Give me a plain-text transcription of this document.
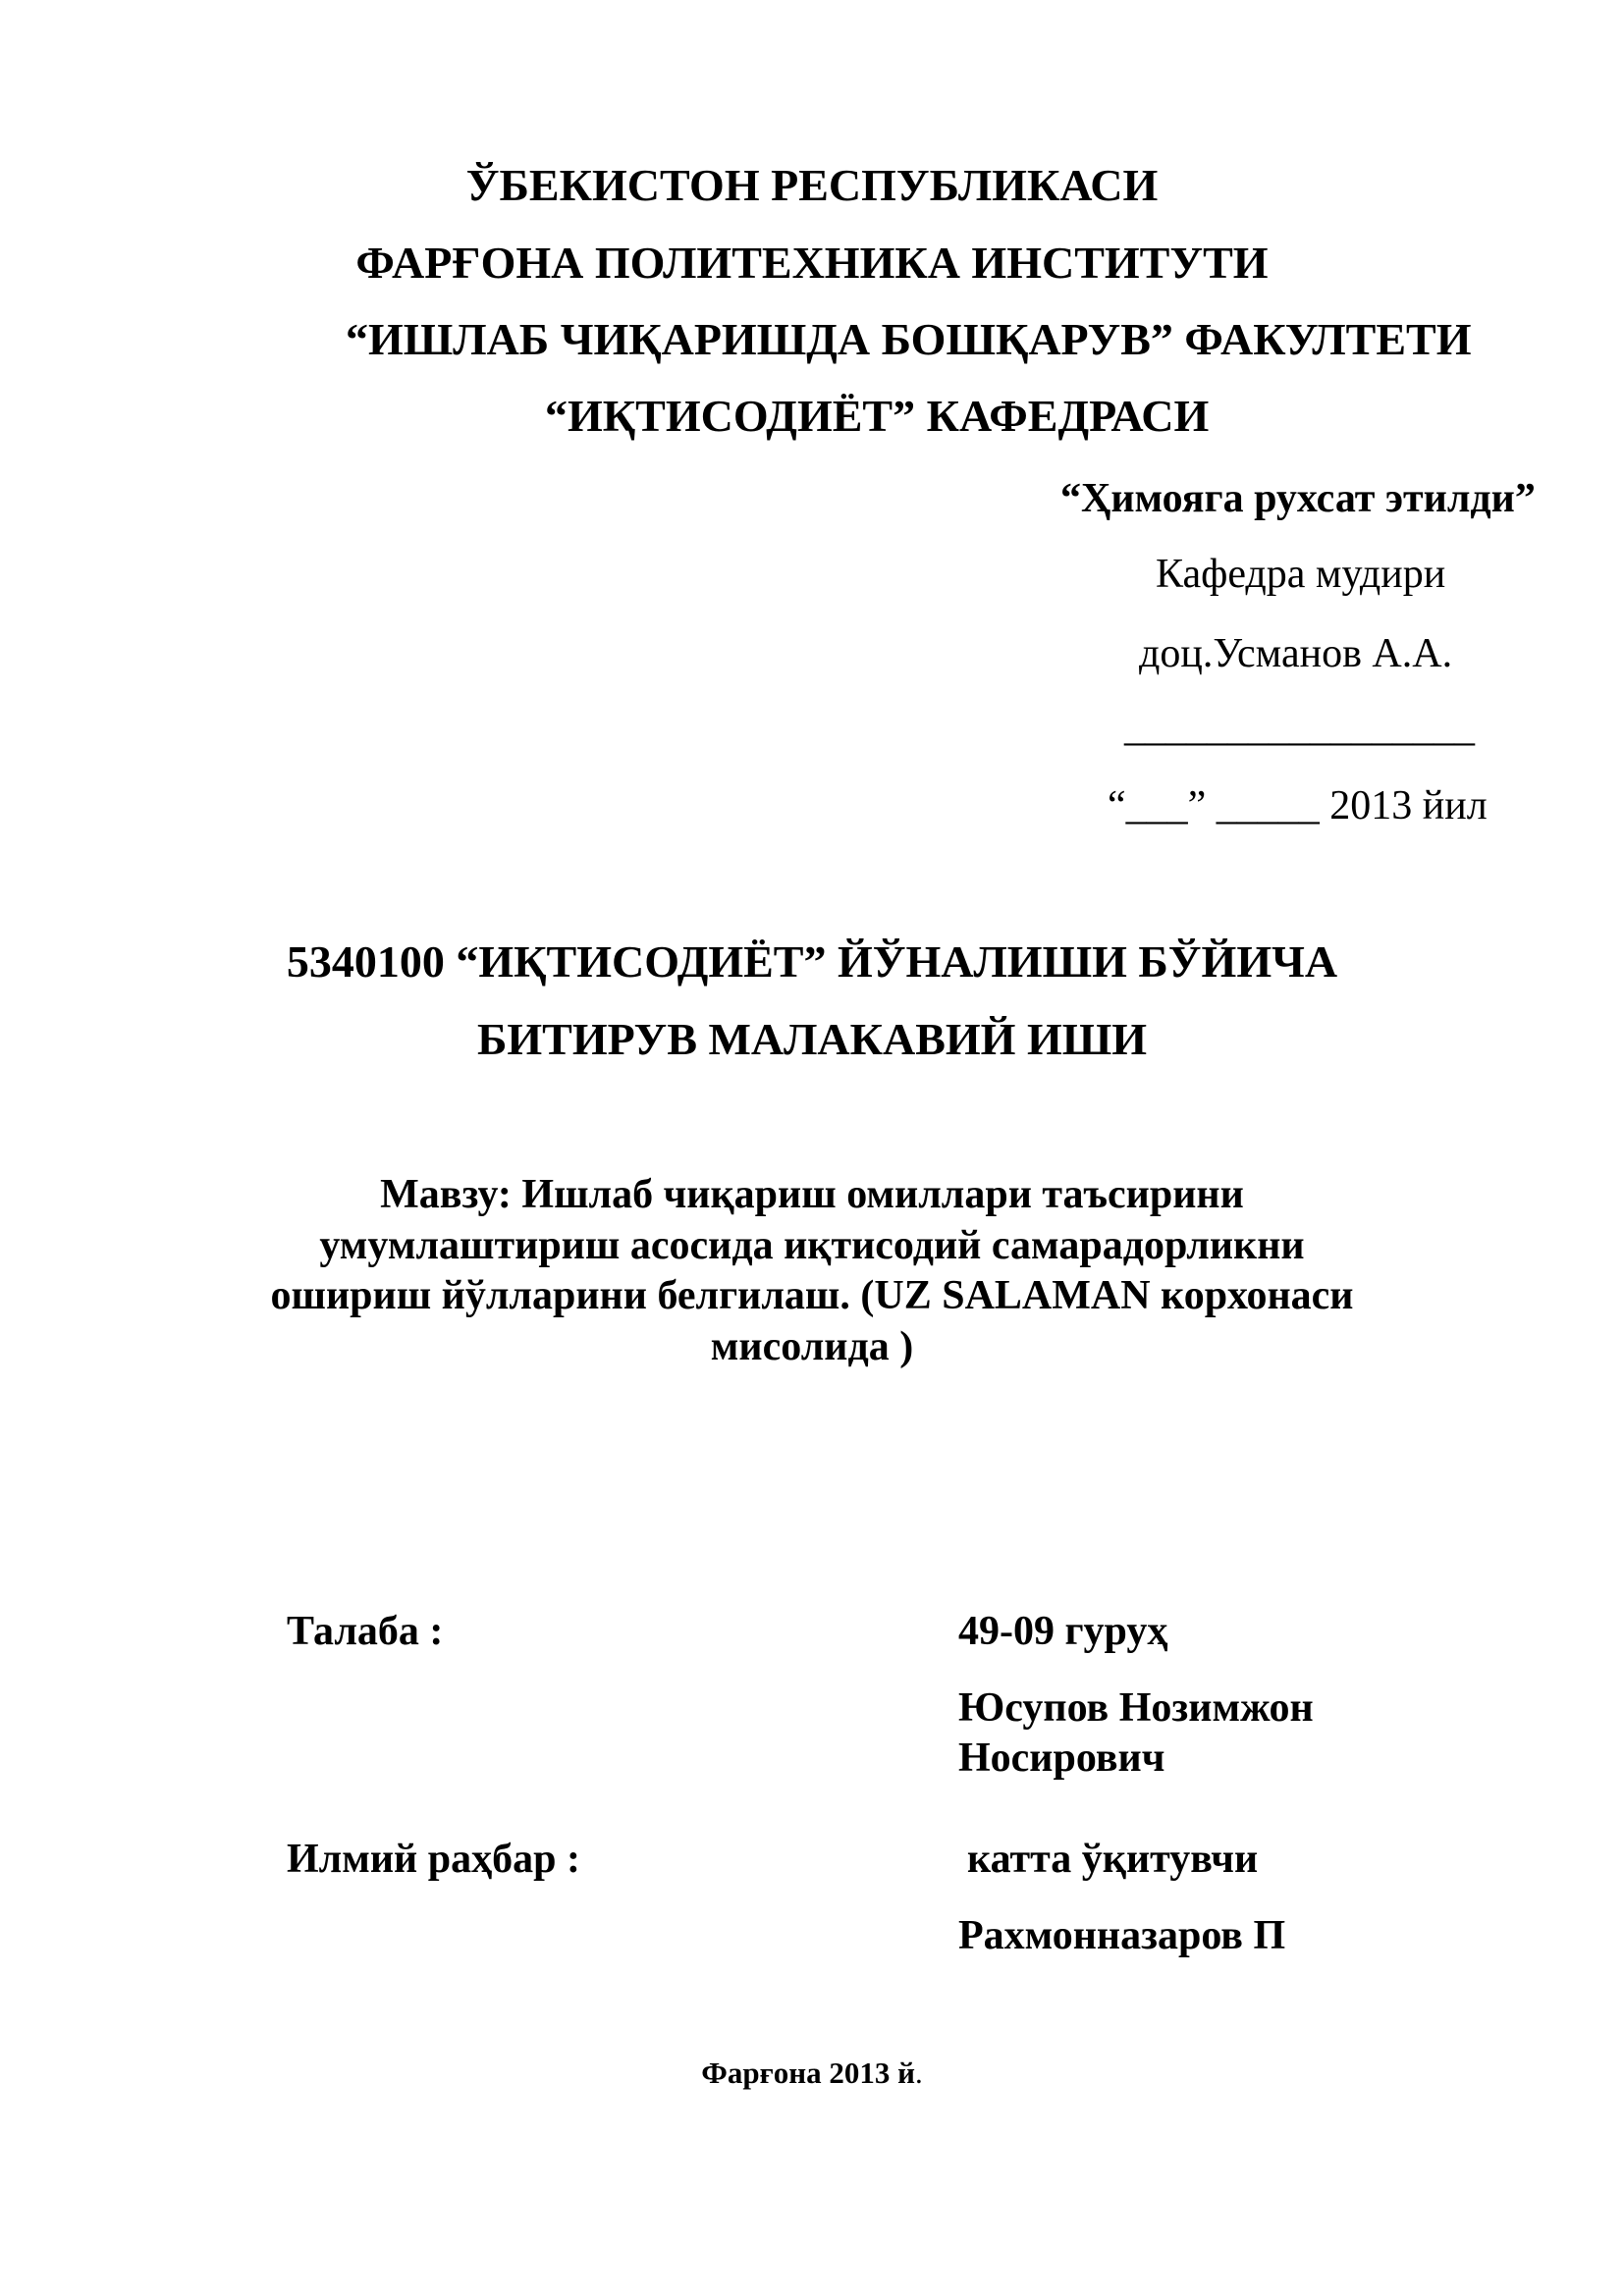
ЎБЕКИСТОН РЕСПУБЛИКАСИ
ФАРҒОНА ПОЛИТЕХНИКА ИНСТИТУТИ
“ИШЛАБ ЧИҚАРИШДА БОШҚАРУВ” ФАКУЛТЕТИ
“ИҚТИСОДИЁТ” КАФЕДРАСИ
“Ҳимояга рухсат этилди”
Кафедра мудири
доц.Усманов А.А.
_________________
“___” _____ 2013 йил
5340100 “ИҚТИСОДИЁТ” ЙЎНАЛИШИ БЎЙИЧА
БИТИРУВ МАЛАКАВИЙ ИШИ
Мавзу: Ишлаб чиқариш омиллари таъсирини
умумлаштириш асосида иқтисодий самарадорликни
ошириш йўлларини белгилаш. (UZ SALAMAN корхонаси
мисолида )
Талаба :	49-09 гуруҳ
Юсупов Нозимжон
Носирович
Илмий раҳбар :	катта ўқитувчи
Рахмонназаров П
Фарғона 2013 й.
